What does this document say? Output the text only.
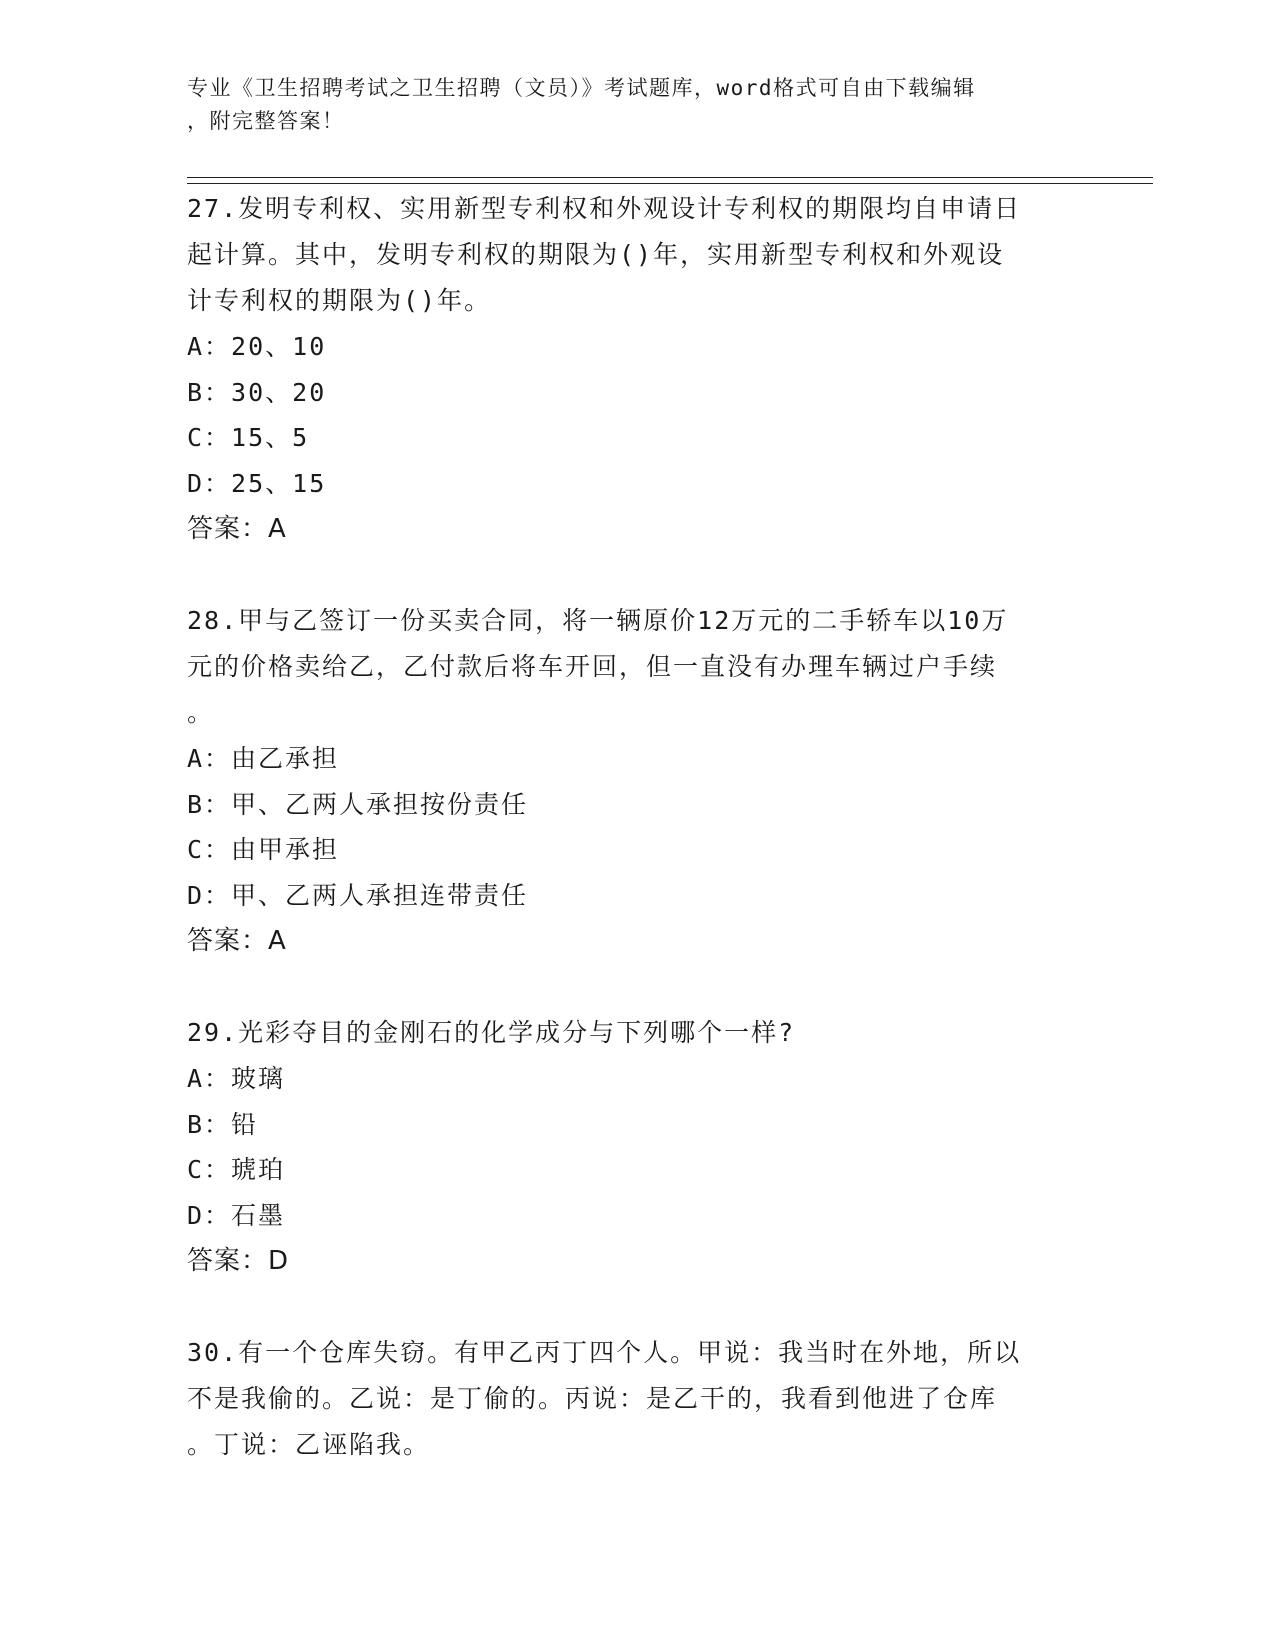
专业《卫生招聘考试之卫生招聘（文员）》考试题库，word格式可自由下载编辑
，附完整答案！

27.发明专利权、实用新型专利权和外观设计专利权的期限均自申请日

起计算。其中，发明专利权的期限为()年，实用新型专利权和外观设

计专利权的期限为()年。

A：20、10

B：30、20

C：15、5

D：25、15

答案：A

28.甲与乙签订一份买卖合同，将一辆原价12万元的二手轿车以10万

元的价格卖给乙，乙付款后将车开回，但一直没有办理车辆过户手续

。

A：由乙承担

B：甲、乙两人承担按份责任

C：由甲承担

D：甲、乙两人承担连带责任

答案：A

29.光彩夺目的金刚石的化学成分与下列哪个一样?

A：玻璃

B：铅

C：琥珀

D：石墨

答案：D

30.有一个仓库失窃。有甲乙丙丁四个人。甲说：我当时在外地，所以

不是我偷的。乙说：是丁偷的。丙说：是乙干的，我看到他进了仓库

。丁说：乙诬陷我。
